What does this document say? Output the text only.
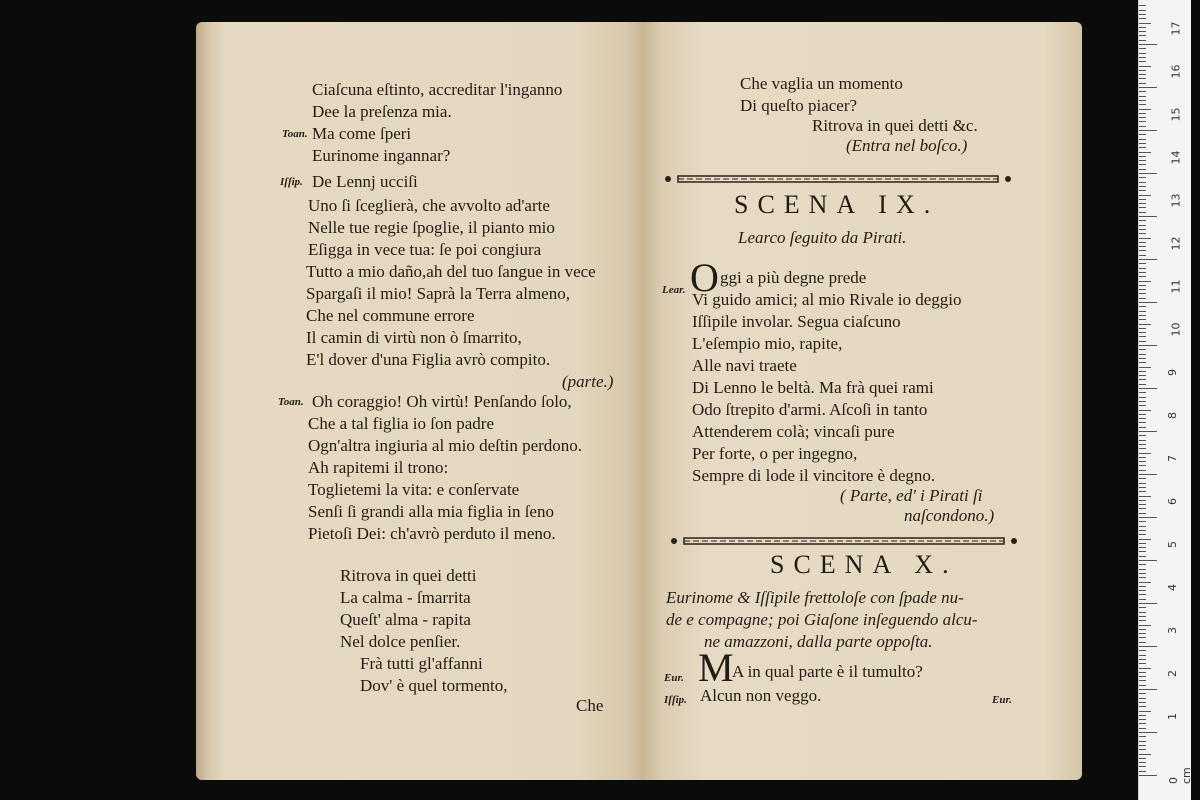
Ciaſcuna eſtinto, accreditar l'inganno
Dee la preſenza mia.
Toan. Ma come ſperi
Eurinome ingannar?
Iſſip. De Lennj ucciſi
Uno ſi ſceglierà, che avvolto ad'arte
Nelle tue regie ſpoglie, il pianto mio
Eſigga in vece tua: ſe poi congiura
Tutto a mio daño,ah del tuo ſangue in vece
Spargaſi il mio! Saprà la Terra almeno,
Che nel commune errore
Il camin di virtù non ò ſmarrito,
E'l dover d'una Figlia avrò compito.
(parte.)
Toan. Oh coraggio! Oh virtù! Penſando ſolo,
Che a tal figlia io ſon padre
Ogn'altra ingiuria al mio deſtin perdono.
Ah rapitemi il trono:
Toglietemi la vita: e conſervate
Senſi ſi grandi alla mia figlia in ſeno
Pietoſi Dei: ch'avrò perduto il meno.
Ritrova in quei detti
La calma - ſmarrita
Queſt' alma - rapita
Nel dolce penſier.
Frà tutti gl'affanni
Dov' è quel tormento,
Che
Che vaglia un momento
Di queſto piacer?
Ritrova in quei detti &c.
(Entra nel boſco.)
SCENA IX.
Learco ſeguito da Pirati.
Lear. O ggi a più degne prede
Vi guido amici; al mio Rivale io deggio
Iſſipile involar. Segua ciaſcuno
L'eſempio mio, rapite,
Alle navi traete
Di Lenno le beltà. Ma frà quei rami
Odo ſtrepito d'armi. Aſcoſi in tanto
Attenderem colà; vincaſi pure
Per forte, o per ingegno,
Sempre di lode il vincitore è degno.
( Parte, ed' i Pirati ſi
naſcondono.)
SCENA X.
Eurinome & Iſſipile frettoloſe con ſpade nu-
de e compagne; poi Giaſone inſeguendo alcu-
ne amazzoni, dalla parte oppoſta.
Eur. M
A in qual parte è il tumulto?
Iſſip. Alcun non veggo.	Eur.
17
16
15
14
13
12
11
10
9
8
7
6
5
4
3
2
1
0 cm
